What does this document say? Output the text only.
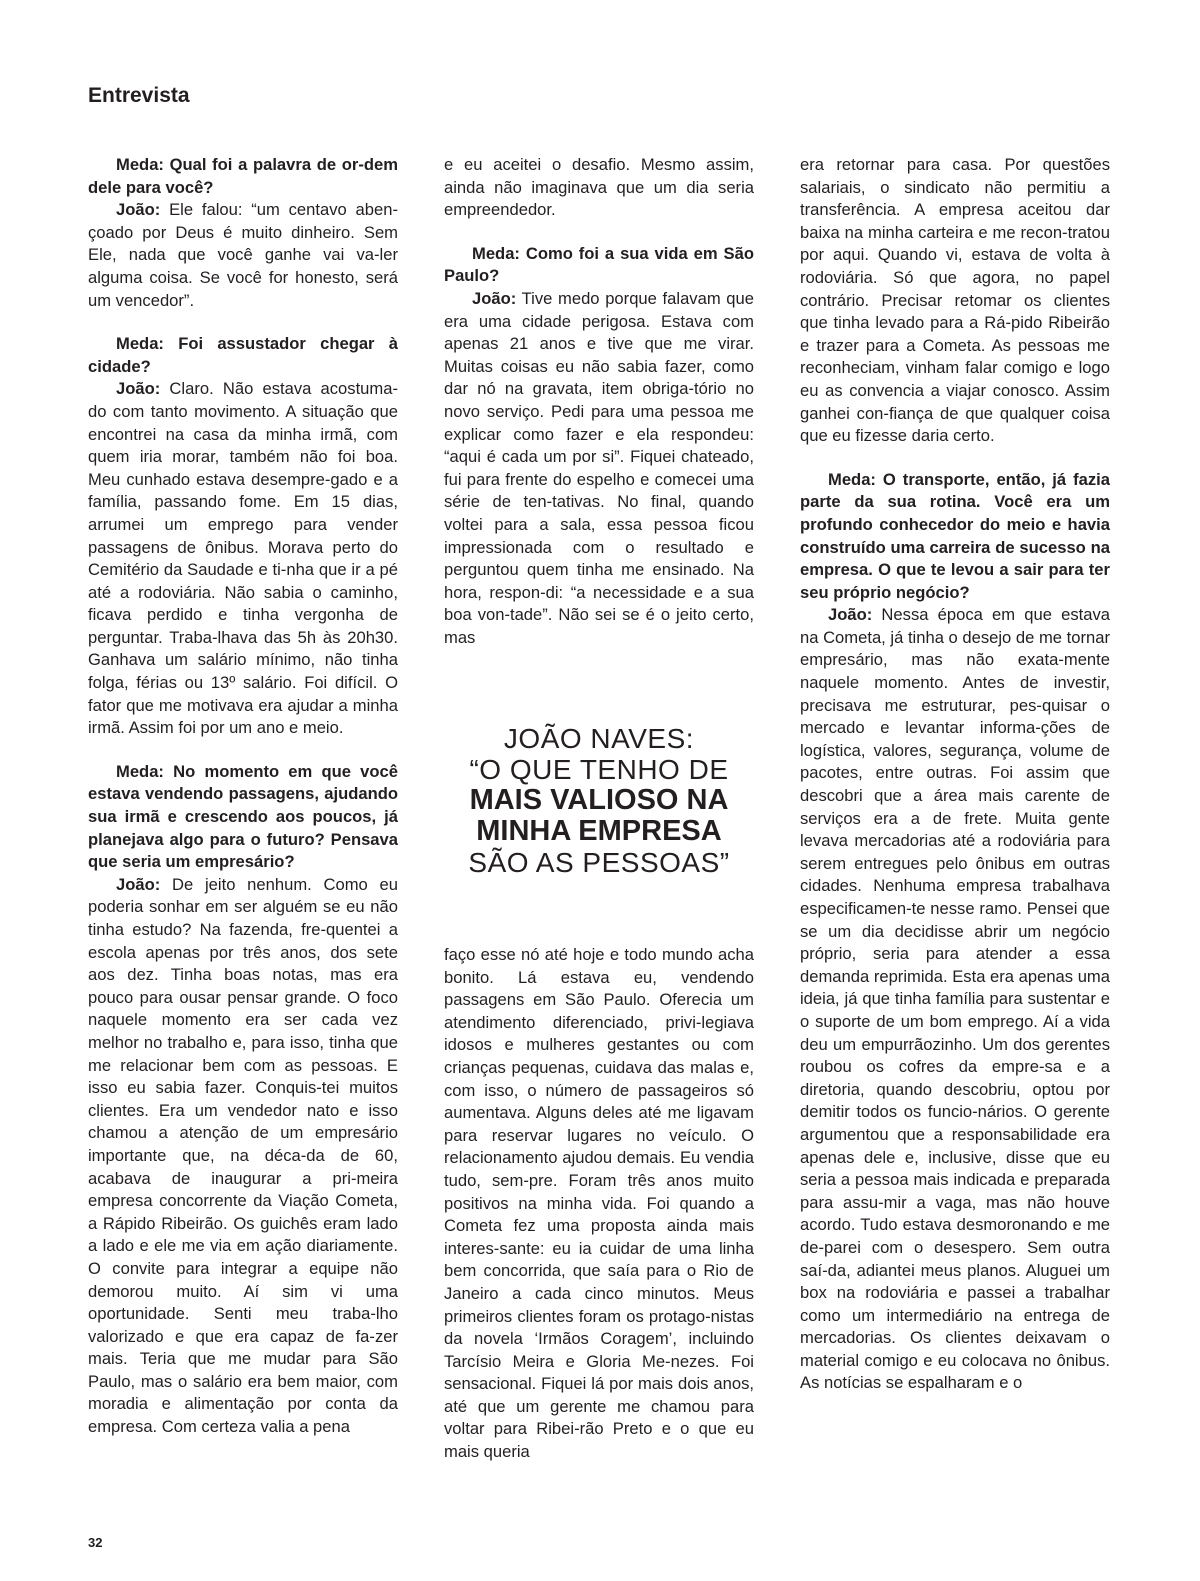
Entrevista

Meda: Qual foi a palavra de or-dem dele para você?

João: Ele falou: “um centavo aben-çoado por Deus é muito dinheiro. Sem Ele, nada que você ganhe vai va-ler alguma coisa. Se você for honesto, será um vencedor”.

Meda: Foi assustador chegar à cidade?

João: Claro. Não estava acostuma-do com tanto movimento. A situação que encontrei na casa da minha irmã, com quem iria morar, também não foi boa. Meu cunhado estava desempre-gado e a família, passando fome. Em 15 dias, arrumei um emprego para vender passagens de ônibus. Morava perto do Cemitério da Saudade e ti-nha que ir a pé até a rodoviária. Não sabia o caminho, ficava perdido e tinha vergonha de perguntar. Traba-lhava das 5h às 20h30. Ganhava um salário mínimo, não tinha folga, férias ou 13º salário. Foi difícil. O fator que me motivava era ajudar a minha irmã. Assim foi por um ano e meio.

Meda: No momento em que você estava vendendo passagens, ajudando sua irmã e crescendo aos poucos, já planejava algo para o futuro? Pensava que seria um empresário?

João: De jeito nenhum. Como eu poderia sonhar em ser alguém se eu não tinha estudo? Na fazenda, fre-quentei a escola apenas por três anos, dos sete aos dez. Tinha boas notas, mas era pouco para ousar pensar grande. O foco naquele momento era ser cada vez melhor no trabalho e, para isso, tinha que me relacionar bem com as pessoas. E isso eu sabia fazer. Conquis-tei muitos clientes. Era um vendedor nato e isso chamou a atenção de um empresário importante que, na déca-da de 60, acabava de inaugurar a pri-meira empresa concorrente da Viação Cometa, a Rápido Ribeirão. Os guichês eram lado a lado e ele me via em ação diariamente. O convite para integrar a equipe não demorou muito. Aí sim vi uma oportunidade. Senti meu traba-lho valorizado e que era capaz de fa-zer mais. Teria que me mudar para São Paulo, mas o salário era bem maior, com moradia e alimentação por conta da empresa. Com certeza valia a pena

e eu aceitei o desafio. Mesmo assim, ainda não imaginava que um dia seria empreendedor.

Meda: Como foi a sua vida em São Paulo?

João: Tive medo porque falavam que era uma cidade perigosa. Estava com apenas 21 anos e tive que me virar. Muitas coisas eu não sabia fazer, como dar nó na gravata, item obriga-tório no novo serviço. Pedi para uma pessoa me explicar como fazer e ela respondeu: “aqui é cada um por si”. Fiquei chateado, fui para frente do espelho e comecei uma série de ten-tativas. No final, quando voltei para a sala, essa pessoa ficou impressionada com o resultado e perguntou quem tinha me ensinado. Na hora, respon-di: “a necessidade e a sua boa von-tade”. Não sei se é o jeito certo, mas

JOÃO NAVES:
“O QUE TENHO DE
MAIS VALIOSO NA
MINHA EMPRESA
SÃO AS PESSOAS”

faço esse nó até hoje e todo mundo acha bonito. Lá estava eu, vendendo passagens em São Paulo. Oferecia um atendimento diferenciado, privi-legiava idosos e mulheres gestantes ou com crianças pequenas, cuidava das malas e, com isso, o número de passageiros só aumentava. Alguns deles até me ligavam para reservar lugares no veículo. O relacionamento ajudou demais. Eu vendia tudo, sem-pre. Foram três anos muito positivos na minha vida. Foi quando a Cometa fez uma proposta ainda mais interes-sante: eu ia cuidar de uma linha bem concorrida, que saía para o Rio de Janeiro a cada cinco minutos. Meus primeiros clientes foram os protago-nistas da novela ‘Irmãos Coragem’, incluindo Tarcísio Meira e Gloria Me-nezes. Foi sensacional. Fiquei lá por mais dois anos, até que um gerente me chamou para voltar para Ribei-rão Preto e o que eu mais queria

era retornar para casa. Por questões salariais, o sindicato não permitiu a transferência. A empresa aceitou dar baixa na minha carteira e me recon-tratou por aqui. Quando vi, estava de volta à rodoviária. Só que agora, no papel contrário. Precisar retomar os clientes que tinha levado para a Rá-pido Ribeirão e trazer para a Cometa. As pessoas me reconheciam, vinham falar comigo e logo eu as convencia a viajar conosco. Assim ganhei con-fiança de que qualquer coisa que eu fizesse daria certo.

Meda: O transporte, então, já fazia parte da sua rotina. Você era um profundo conhecedor do meio e havia construído uma carreira de sucesso na empresa. O que te levou a sair para ter seu próprio negócio?

João: Nessa época em que estava na Cometa, já tinha o desejo de me tornar empresário, mas não exata-mente naquele momento. Antes de investir, precisava me estruturar, pes-quisar o mercado e levantar informa-ções de logística, valores, segurança, volume de pacotes, entre outras. Foi assim que descobri que a área mais carente de serviços era a de frete. Muita gente levava mercadorias até a rodoviária para serem entregues pelo ônibus em outras cidades. Nenhuma empresa trabalhava especificamen-te nesse ramo. Pensei que se um dia decidisse abrir um negócio próprio, seria para atender a essa demanda reprimida. Esta era apenas uma ideia, já que tinha família para sustentar e o suporte de um bom emprego. Aí a vida deu um empurrãozinho. Um dos gerentes roubou os cofres da empre-sa e a diretoria, quando descobriu, optou por demitir todos os funcio-nários. O gerente argumentou que a responsabilidade era apenas dele e, inclusive, disse que eu seria a pessoa mais indicada e preparada para assu-mir a vaga, mas não houve acordo. Tudo estava desmoronando e me de-parei com o desespero. Sem outra saí-da, adiantei meus planos. Aluguei um box na rodoviária e passei a trabalhar como um intermediário na entrega de mercadorias. Os clientes deixavam o material comigo e eu colocava no ônibus. As notícias se espalharam e o

32
